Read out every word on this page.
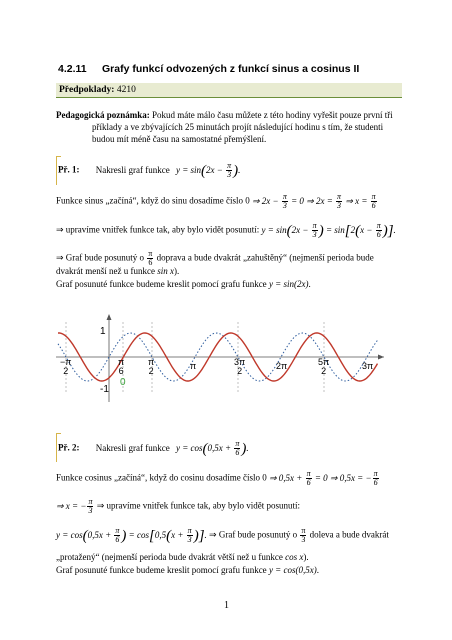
4.2.11 Grafy funkcí odvozených z funkcí sinus a cosinus II
Předpoklady: 4210
Pedagogická poznámka: Pokud máte málo času můžete z této hodiny vyřešit pouze první tři
příklady a ve zbývajících 25 minutách projít následující hodinu s tím, že studenti
budou mít méně času na samostatné přemýšlení.
Př. 1: Nakresli graf funkce $y = \sin(2x - \frac{\pi}{3}$ ).
Funkce sinus „začíná“, když do sinu dosadíme číslo 0 ⇒ $2x - \frac{\pi}{3} = 0$ ⇒ $2x = \frac{\pi}{3}$ ⇒ $x = \frac{\pi}{6}$
⇒ upravíme vnitřek funkce tak, aby bylo vidět posunutí: $y = \sin(2x - \frac{\pi}{3}$ ) = $\sin[2(x - \frac{\pi}{6}$ )].
⇒ Graf bude posunutý o $\frac{\pi}{6}$ doprava a bude dvakrát „zahuštěný“ (nejmenší perioda bude
dvakrát menší než u funkce sin x).
Graf posunuté funkce budeme kreslit pomocí grafu funkce y = sin(2x).
1
-1
0
−π
2
π
6
π
2	π	3π
2	2π	5π
2	3π
Př. 2: Nakresli graf funkce $y = \cos(0,5x + \frac{\pi}{6}$ ).
Funkce cosinus „začíná“, když do cosinu dosadíme číslo 0 ⇒ $0,5x + \frac{\pi}{6} = 0$ ⇒ 0,5x = − $\frac{\pi}{6}$
⇒ x = − $\frac{\pi}{3}$ ⇒ upravíme vnitřek funkce tak, aby bylo vidět posunutí:
$y = \cos(0,5x + \frac{\pi}{6}$ ) = $\cos[0,5(x + \frac{\pi}{3}$ )]. ⇒ Graf bude posunutý o $\frac{\pi}{3}$ doleva a bude dvakrát
„protažený“ (nejmenší perioda bude dvakrát větší než u funkce cos x).
Graf posunuté funkce budeme kreslit pomocí grafu funkce y = cos(0,5x).
1
